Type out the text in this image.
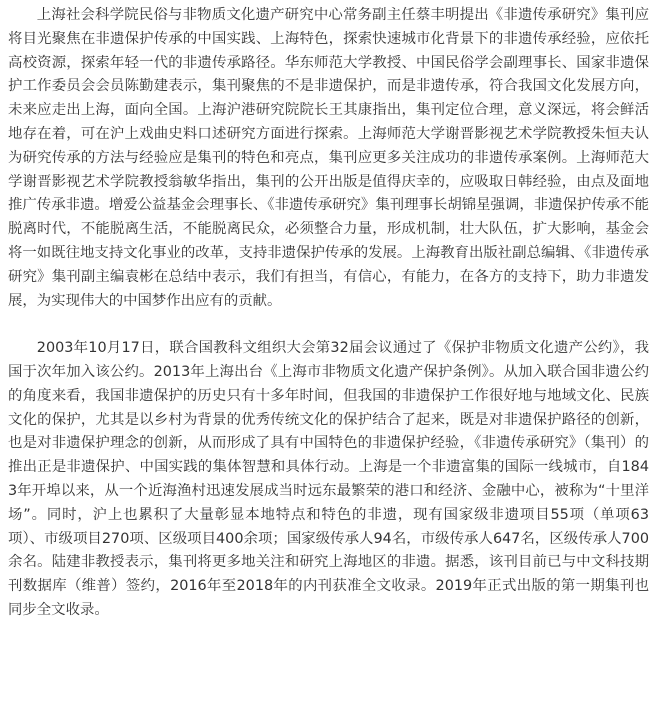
上海社会科学院民俗与非物质文化遗产研究中心常务副主任蔡丰明提出《非遗传承研究》集刊应将目光聚焦在非遗保护传承的中国实践、上海特色，探索快速城市化背景下的非遗传承经验，应依托高校资源，探索年轻一代的非遗传承路径。华东师范大学教授、中国民俗学会副理事长、国家非遗保护工作委员会会员陈勤建表示，集刊聚焦的不是非遗保护，而是非遗传承，符合我国文化发展方向，未来应走出上海，面向全国。上海沪港研究院院长王其康指出，集刊定位合理，意义深远，将会鲜活地存在着，可在沪上戏曲史料口述研究方面进行探索。上海师范大学谢晋影视艺术学院教授朱恒夫认为研究传承的方法与经验应是集刊的特色和亮点，集刊应更多关注成功的非遗传承案例。上海师范大学谢晋影视艺术学院教授翁敏华指出，集刊的公开出版是值得庆幸的，应吸取日韩经验，由点及面地推广传承非遗。增爱公益基金会理事长、《非遗传承研究》集刊理事长胡锦星强调，非遗保护传承不能脱离时代，不能脱离生活，不能脱离民众，必须整合力量，形成机制，壮大队伍，扩大影响，基金会将一如既往地支持文化事业的改革，支持非遗保护传承的发展。上海教育出版社副总编辑、《非遗传承研究》集刊副主编袁彬在总结中表示，我们有担当，有信心，有能力，在各方的支持下，助力非遗发展，为实现伟大的中国梦作出应有的贡献。

2003年10月17日，联合国教科文组织大会第32届会议通过了《保护非物质文化遗产公约》，我国于次年加入该公约。2013年上海出台《上海市非物质文化遗产保护条例》。从加入联合国非遗公约的角度来看，我国非遗保护的历史只有十多年时间，但我国的非遗保护工作很好地与地域文化、民族文化的保护，尤其是以乡村为背景的优秀传统文化的保护结合了起来，既是对非遗保护路径的创新，也是对非遗保护理念的创新，从而形成了具有中国特色的非遗保护经验，《非遗传承研究》（集刊）的推出正是非遗保护、中国实践的集体智慧和具体行动。上海是一个非遗富集的国际一线城市，自1843年开埠以来，从一个近海渔村迅速发展成当时远东最繁荣的港口和经济、金融中心，被称为“十里洋场”。同时，沪上也累积了大量彰显本地特点和特色的非遗，现有国家级非遗项目55项（单项63项）、市级项目270项、区级项目400余项；国家级传承人94名，市级传承人647名，区级传承人700余名。陆建非教授表示，集刊将更多地关注和研究上海地区的非遗。据悉，该刊目前已与中文科技期刊数据库（维普）签约，2016年至2018年的内刊获准全文收录。2019年正式出版的第一期集刊也同步全文收录。
